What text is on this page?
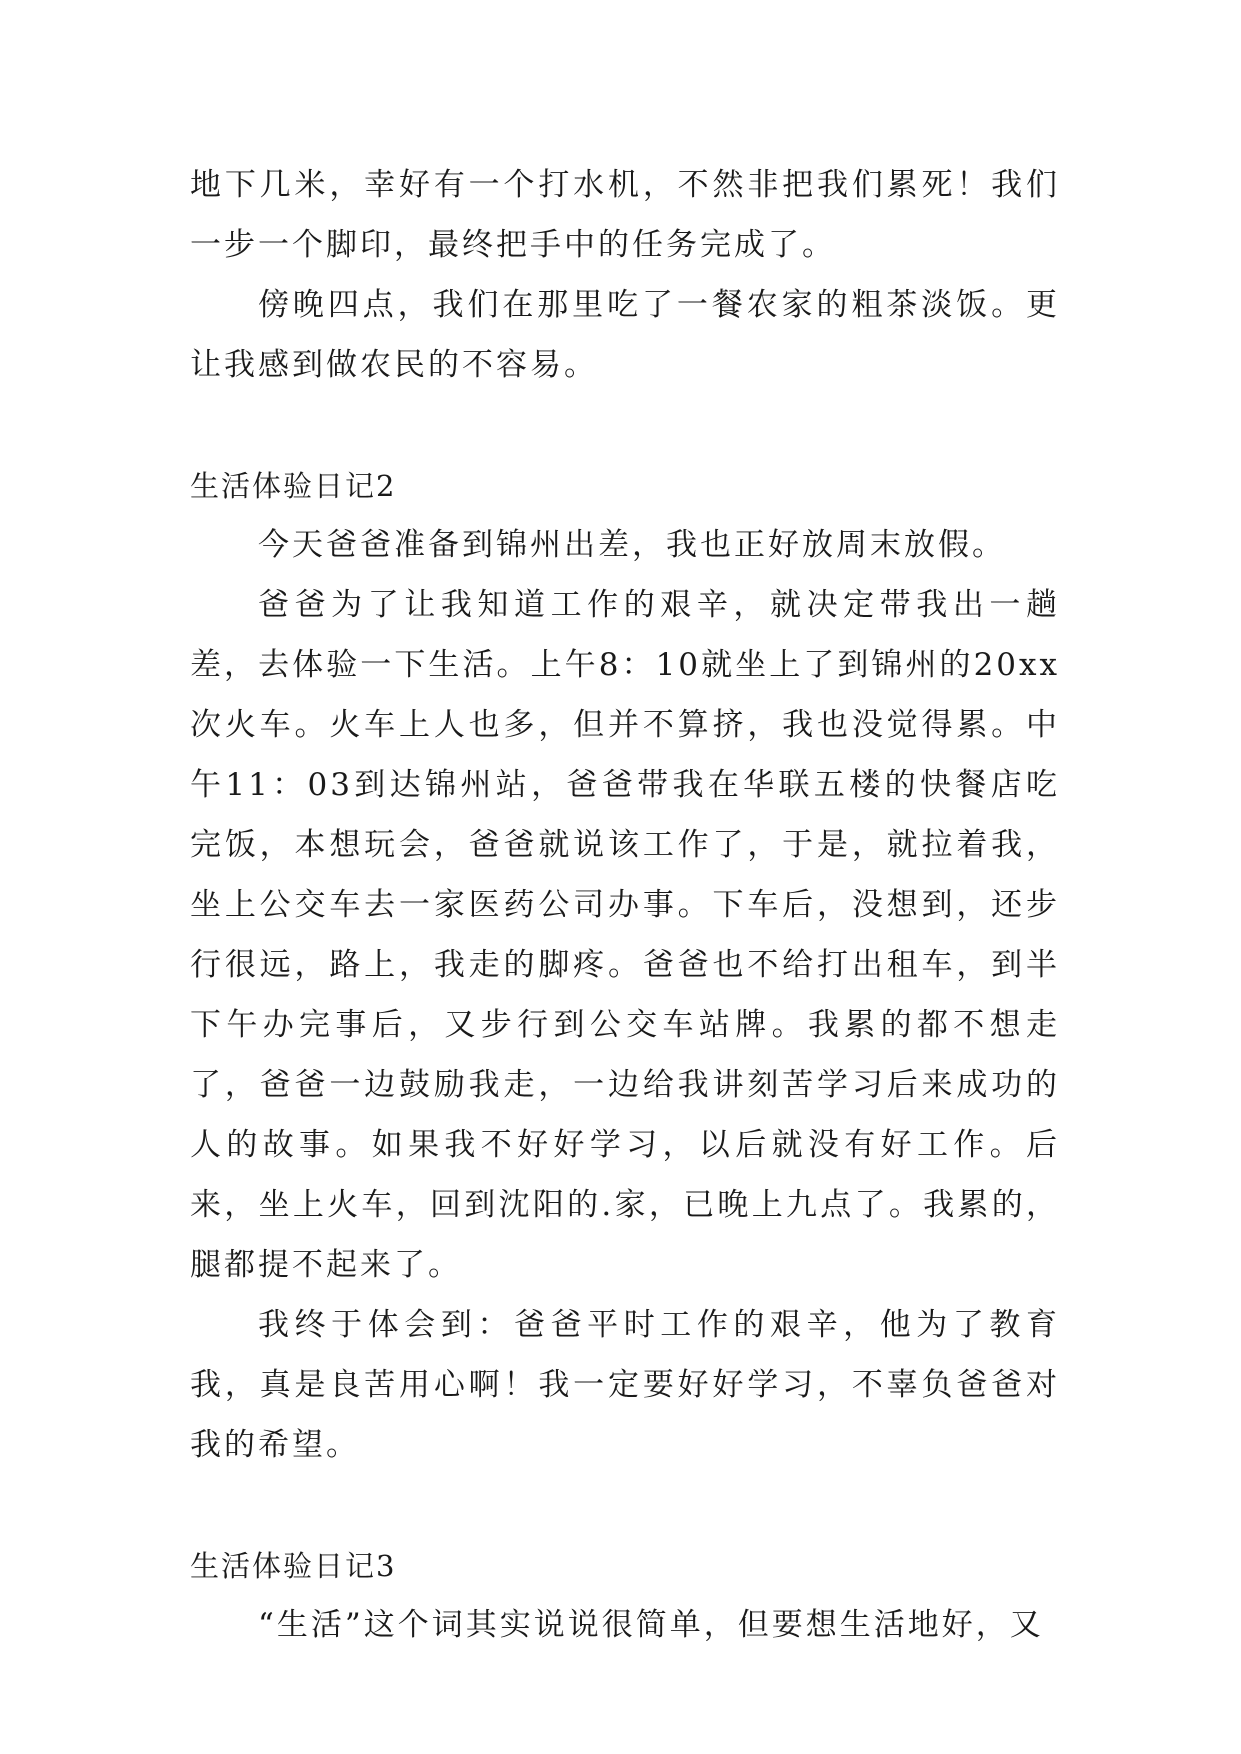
地下几米，幸好有一个打水机，不然非把我们累死！我们一步一个脚印，最终把手中的任务完成了。

傍晚四点，我们在那里吃了一餐农家的粗茶淡饭。更让我感到做农民的不容易。

生活体验日记2

今天爸爸准备到锦州出差，我也正好放周末放假。

爸爸为了让我知道工作的艰辛，就决定带我出一趟差，去体验一下生活。上午8：10就坐上了到锦州的20xx次火车。火车上人也多，但并不算挤，我也没觉得累。中午11：03到达锦州站，爸爸带我在华联五楼的快餐店吃完饭，本想玩会，爸爸就说该工作了，于是，就拉着我，坐上公交车去一家医药公司办事。下车后，没想到，还步行很远，路上，我走的脚疼。爸爸也不给打出租车，到半下午办完事后，又步行到公交车站牌。我累的都不想走了，爸爸一边鼓励我走，一边给我讲刻苦学习后来成功的人的故事。如果我不好好学习，以后就没有好工作。后来，坐上火车，回到沈阳的.家，已晚上九点了。我累的，腿都提不起来了。

我终于体会到：爸爸平时工作的艰辛，他为了教育我，真是良苦用心啊！我一定要好好学习，不辜负爸爸对我的希望。

生活体验日记3

“生活”这个词其实说说很简单，但要想生活地好，又
